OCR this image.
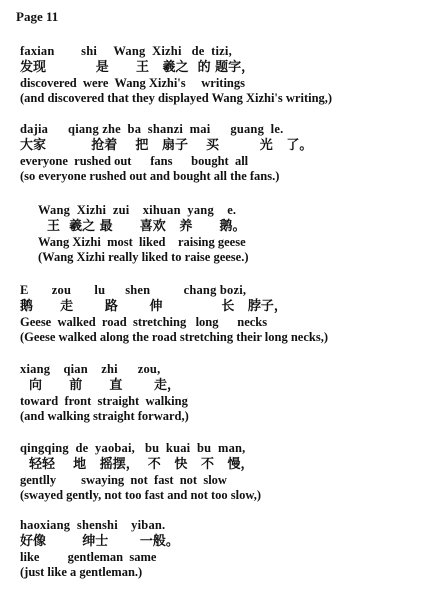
Page 11
faxian        shi     Wang  Xizhi   de  tizi,
发现           是      王   羲之  的 题字，
discovered  were  Wang Xizhi's     writings
(and discovered that they displayed Wang Xizhi's writing,)
dajia      qiang zhe  ba  shanzi  mai      guang  le.
大家          抢着    把   扇子    买         光   了。
everyone  rushed out      fans      bought  all
(so everyone rushed out and bought all the fans.)
Wang  Xizhi  zui    xihuan  yang    e.
王  羲之 最      喜欢   养      鹅。
Wang Xizhi  most  liked    raising geese
(Wang Xizhi really liked to raise geese.)
E       zou       lu      shen          chang bozi,
鹅      走       路       伸             长   脖子，
Geese  walked  road  stretching   long      necks
(Geese walked along the road stretching their long necks,)
xiang    qian    zhi      zou,
向      前      直       走，
toward  front  straight  walking
(and walking straight forward,)
qingqing  de  yaobai,   bu  kuai  bu  man,
轻轻    地   摇摆，  不   快   不   慢，
gentlly        swaying  not  fast  not  slow
(swayed gently, not too fast and not too slow,)
haoxiang  shenshi    yiban.
好像        绅士       一般。
like         gentleman  same
(just like a gentleman.)
